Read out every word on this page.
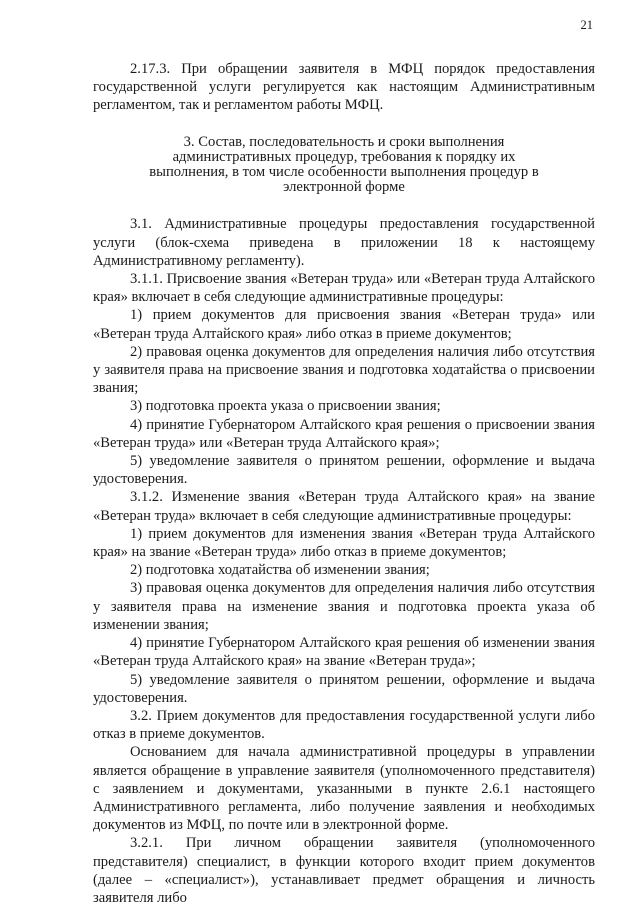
21

2.17.3. При обращении заявителя в МФЦ порядок предоставления государственной услуги регулируется как настоящим Административным регламентом, так и регламентом работы МФЦ.

3. Состав, последовательность и сроки выполнения административных процедур, требования к порядку их выполнения, в том числе особенности выполнения процедур в электронной форме

3.1. Административные процедуры предоставления государственной услуги (блок-схема приведена в приложении 18 к настоящему Административному регламенту).

3.1.1. Присвоение звания «Ветеран труда» или «Ветеран труда Алтайского края» включает в себя следующие административные процедуры:

1) прием документов для присвоения звания «Ветеран труда» или «Ветеран труда Алтайского края» либо отказ в приеме документов;

2) правовая оценка документов для определения наличия либо отсутствия у заявителя права на присвоение звания и подготовка ходатайства о присвоении звания;

3) подготовка проекта указа о присвоении звания;

4) принятие Губернатором Алтайского края решения о присвоении звания «Ветеран труда» или «Ветеран труда Алтайского края»;

5) уведомление заявителя о принятом решении, оформление и выдача удостоверения.

3.1.2. Изменение звания «Ветеран труда Алтайского края» на звание «Ветеран труда» включает в себя следующие административные процедуры:

1) прием документов для изменения звания «Ветеран труда Алтайского края» на звание «Ветеран труда» либо отказ в приеме документов;

2) подготовка ходатайства об изменении звания;

3) правовая оценка документов для определения наличия либо отсутствия у заявителя права на изменение звания и подготовка проекта указа об изменении звания;

4) принятие Губернатором Алтайского края решения об изменении звания «Ветеран труда Алтайского края» на звание «Ветеран труда»;

5) уведомление заявителя о принятом решении, оформление и выдача удостоверения.

3.2. Прием документов для предоставления государственной услуги либо отказ в приеме документов.

Основанием для начала административной процедуры в управлении является обращение в управление заявителя (уполномоченного представителя) с заявлением и документами, указанными в пункте 2.6.1 настоящего Административного регламента, либо получение заявления и необходимых документов из МФЦ, по почте или в электронной форме.

3.2.1. При личном обращении заявителя (уполномоченного представителя) специалист, в функции которого входит прием документов (далее – «специалист»), устанавливает предмет обращения и личность заявителя либо
